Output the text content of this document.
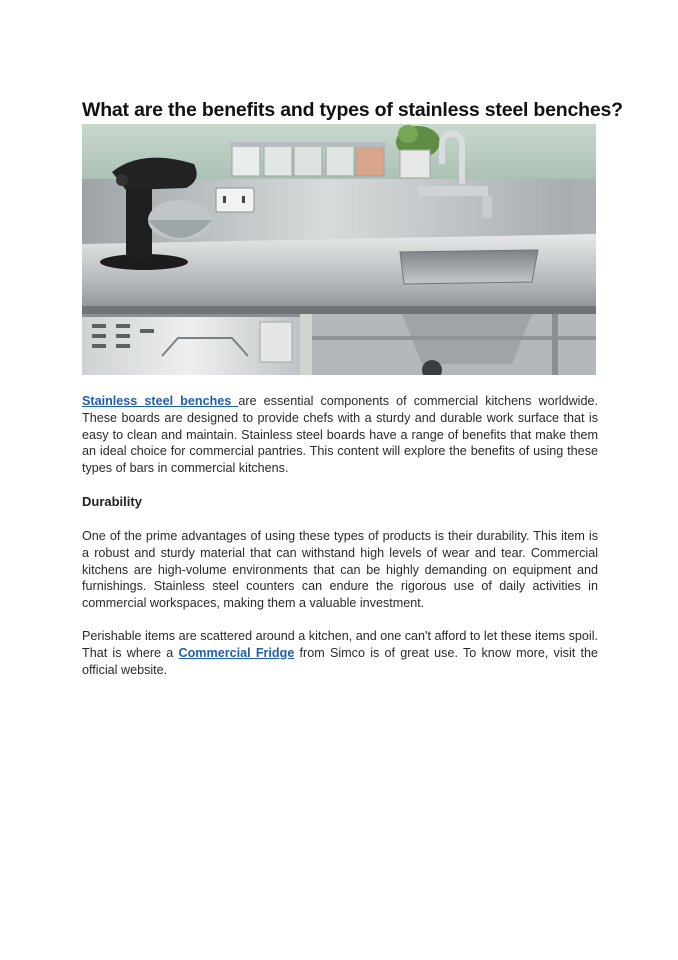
What are the benefits and types of stainless steel benches?

Stainless steel benches are essential components of commercial kitchens worldwide. These boards are designed to provide chefs with a sturdy and durable work surface that is easy to clean and maintain. Stainless steel boards have a range of benefits that make them an ideal choice for commercial pantries. This content will explore the benefits of using these types of bars in commercial kitchens.

Durability

One of the prime advantages of using these types of products is their durability. This item is a robust and sturdy material that can withstand high levels of wear and tear. Commercial kitchens are high-volume environments that can be highly demanding on equipment and furnishings. Stainless steel counters can endure the rigorous use of daily activities in commercial workspaces, making them a valuable investment.

Perishable items are scattered around a kitchen, and one can't afford to let these items spoil. That is where a Commercial Fridge from Simco is of great use. To know more, visit the official website.
